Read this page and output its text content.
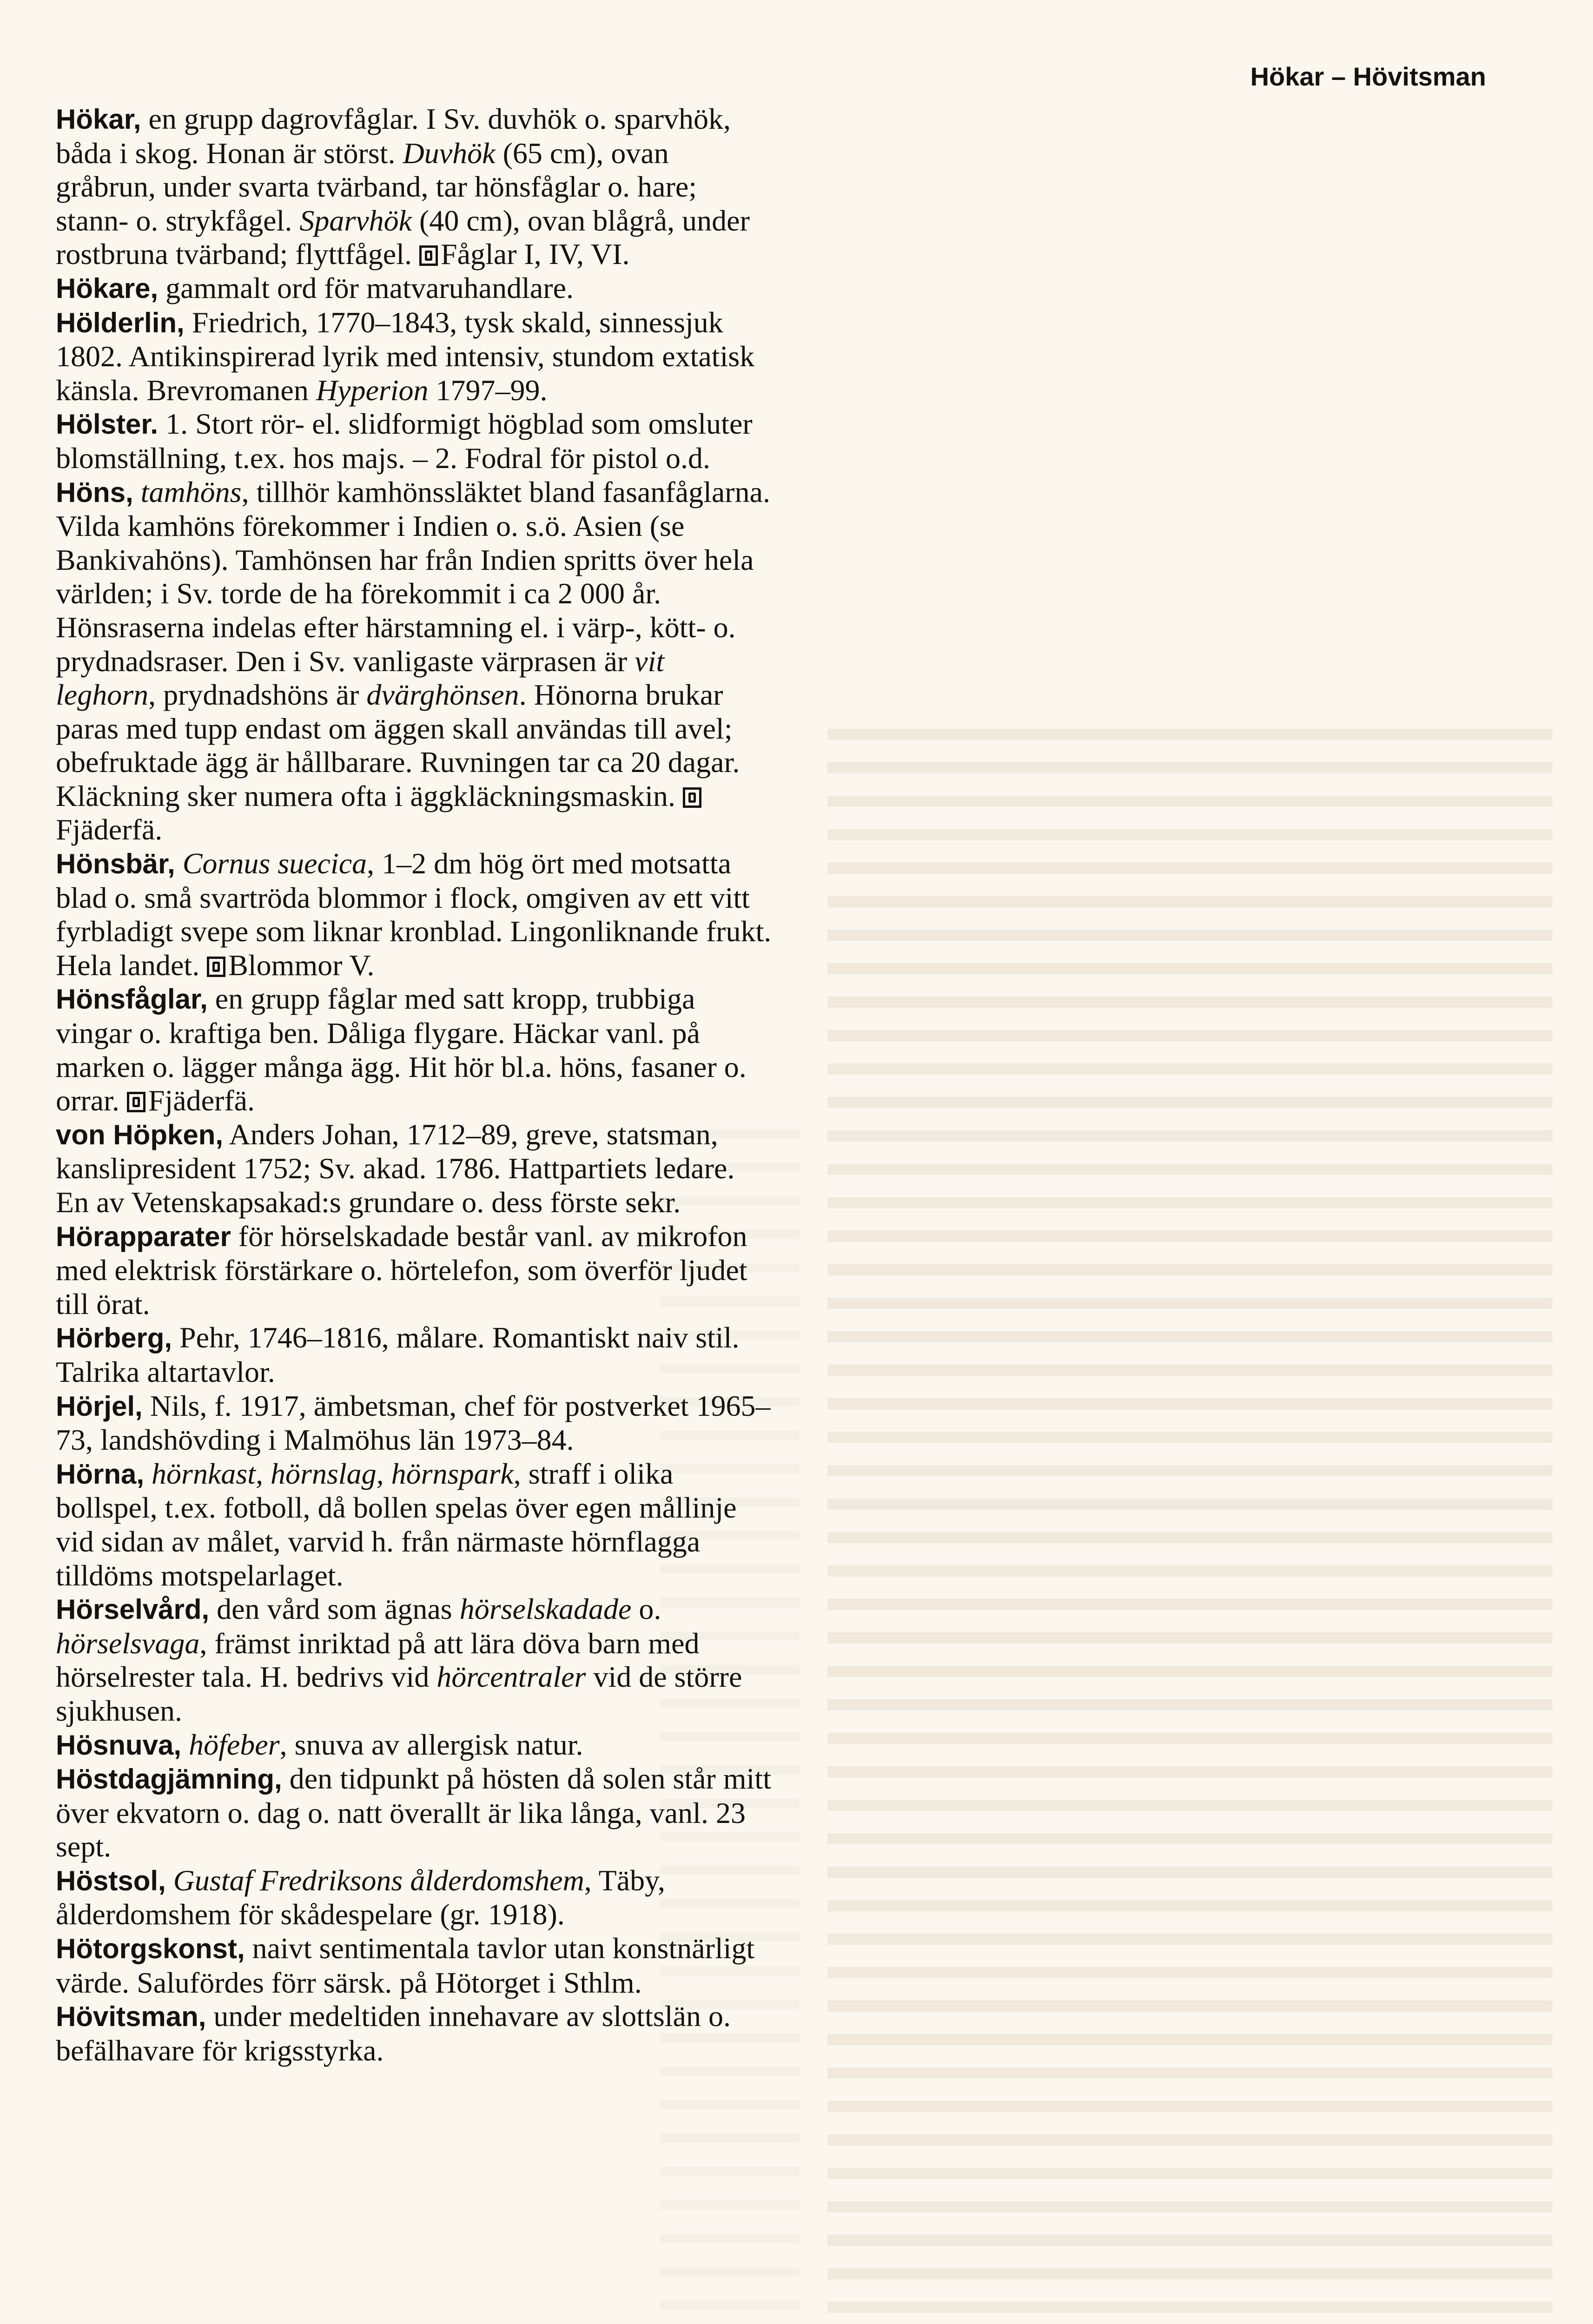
Hökar – Hövitsman

Hökar, en grupp dagrovfåglar. I Sv. duvhök o. sparvhök, båda i skog. Honan är störst. Duvhök (65 cm), ovan gråbrun, under svarta tvärband, tar hönsfåglar o. hare; stann- o. strykfågel. Sparvhök (40 cm), ovan blågrå, under rostbruna tvärband; flyttfågel. Fåglar I, IV, VI.

Hökare, gammalt ord för matvaruhandlare.

Hölderlin, Friedrich, 1770–1843, tysk skald, sinnessjuk 1802. Antikinspirerad lyrik med intensiv, stundom extatisk känsla. Brevromanen Hyperion 1797–99.

Hölster. 1. Stort rör- el. slidformigt högblad som omsluter blomställning, t.ex. hos majs. – 2. Fodral för pistol o.d.

Höns, tamhöns, tillhör kamhönssläktet bland fasanfåglarna. Vilda kamhöns förekommer i Indien o. s.ö. Asien (se Bankivahöns). Tamhönsen har från Indien spritts över hela världen; i Sv. torde de ha förekommit i ca 2 000 år. Hönsraserna indelas efter härstamning el. i värp-, kött- o. prydnadsraser. Den i Sv. vanligaste värprasen är vit leghorn, prydnadshöns är dvärghönsen. Hönorna brukar paras med tupp endast om äggen skall användas till avel; obefruktade ägg är hållbarare. Ruvningen tar ca 20 dagar. Kläckning sker numera ofta i äggkläckningsmaskin. Fjäderfä.

Hönsbär, Cornus suecica, 1–2 dm hög ört med motsatta blad o. små svartröda blommor i flock, omgiven av ett vitt fyrbladigt svepe som liknar kronblad. Lingonliknande frukt. Hela landet. Blommor V.

Hönsfåglar, en grupp fåglar med satt kropp, trubbiga vingar o. kraftiga ben. Dåliga flygare. Häckar vanl. på marken o. lägger många ägg. Hit hör bl.a. höns, fasaner o. orrar. Fjäderfä.

von Höpken, Anders Johan, 1712–89, greve, statsman, kanslipresident 1752; Sv. akad. 1786. Hattpartiets ledare. En av Vetenskapsakad:s grundare o. dess förste sekr.

Hörapparater för hörselskadade består vanl. av mikrofon med elektrisk förstärkare o. hörtelefon, som överför ljudet till örat.

Hörberg, Pehr, 1746–1816, målare. Romantiskt naiv stil. Talrika altartavlor.

Hörjel, Nils, f. 1917, ämbetsman, chef för postverket 1965–73, landshövding i Malmöhus län 1973–84.

Hörna, hörnkast, hörnslag, hörnspark, straff i olika bollspel, t.ex. fotboll, då bollen spelas över egen mållinje vid sidan av målet, varvid h. från närmaste hörnflagga tilldöms motspelarlaget.

Hörselvård, den vård som ägnas hörselskadade o. hörselsvaga, främst inriktad på att lära döva barn med hörselrester tala. H. bedrivs vid hörcentraler vid de större sjukhusen.

Hösnuva, höfeber, snuva av allergisk natur.

Höstdagjämning, den tidpunkt på hösten då solen står mitt över ekvatorn o. dag o. natt överallt är lika långa, vanl. 23 sept.

Höstsol, Gustaf Fredriksons ålderdomshem, Täby, ålderdomshem för skådespelare (gr. 1918).

Hötorgskonst, naivt sentimentala tavlor utan konstnärligt värde. Salufördes förr särsk. på Hötorget i Sthlm.

Hövitsman, under medeltiden innehavare av slottslän o. befälhavare för krigsstyrka.
